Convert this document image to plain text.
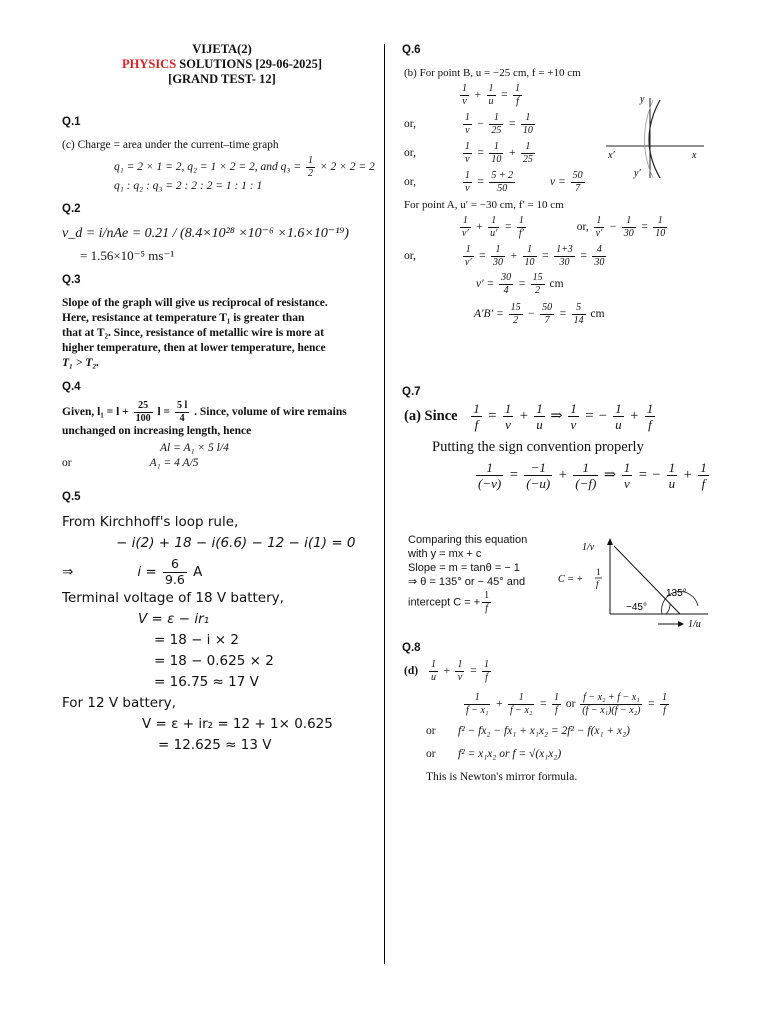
VIJETA(2)
PHYSICS SOLUTIONS [29-06-2025]
[GRAND TEST- 12]
Q.1
(c) Charge = area under the current–time graph
q₁ = 2 × 1 = 2, q₂ = 1 × 2 = 2, and $q_3 = \frac{1}{2} \times 2 \times 2 = 2$
q₁ : q₂ : q₃ = 2 : 2 : 2 = 1 : 1 : 1
Q.2
v_d = i/nAe = 0.21 / (8.4×10²⁸ ×10⁻⁶ ×1.6×10⁻¹⁹)
= 1.56×10⁻⁵ ms⁻¹
Q.3
Slope of the graph will give us reciprocal of resistance.
Here, resistance at temperature T₁ is greater than
that at T₂. Since, resistance of metallic wire is more at
higher temperature, then at lower temperature, hence
T₁ > T₂.
Q.4
Given, $l_1 = l + \frac{25}{100}$ $l = \frac{5 l}{4}$ . Since, volume of wire remains
unchanged on increasing length, hence
Al = A₁ × 5 l/4
or	A₁ = 4 A/5
Q.5
From Kirchhoff's loop rule,
− i(2) + 18 − i(6.6) − 12 − i(1) = 0
⇒	$i = \frac{6}{9.6}$ A
Terminal voltage of 18 V battery,
V = ε − ir₁
= 18 − i × 2
= 18 − 0.625 × 2
= 16.75 ≈ 17 V
For 12 V battery,
V = ε + ir₂ = 12 + 1× 0.625
= 12.625 ≈ 13 V
Q.6
(b) For point B, u = −25 cm, f = +10 cm
$\frac{1}{v} + \frac{1}{u} = \frac{1}{f}$
or,	$\frac{1}{v} - \frac{1}{25} = \frac{1}{10}$
or,	$\frac{1}{v} = \frac{1}{10} + \frac{1}{25}$
or,	$\frac{1}{v} = \frac{5 + 2}{50}$	$v = \frac{50}{7}$
For point A, u′ = −30 cm, f′ = 10 cm
$\frac{1}{v'} + \frac{1}{u'} = \frac{1}{f'}$	or, $\frac{1}{v'} - \frac{1}{30} = \frac{1}{10}$
or,	$\frac{1}{v'} = \frac{1}{30} + \frac{1}{10} = \frac{1+3}{30} = \frac{4}{30}$
$v' = \frac{30}{4} = \frac{15}{2}$ cm
$A'B' = \frac{15}{2} - \frac{50}{7} = \frac{5}{14}$ cm
y
y′
x′	x
Q.7
(a) Since $\frac{1}{f} = \frac{1}{v} + \frac{1}{u}$ ⇒ $\frac{1}{v}$ = − $\frac{1}{u} + \frac{1}{f}$
Putting the sign convention properly
$\frac{1}{(-v)} = \frac{-1}{(-u)} + \frac{1}{(-f)}$ ⇒ $\frac{1}{v}$ = − $\frac{1}{u} + \frac{1}{f}$
Comparing this equation
with y = mx + c
Slope = m = tanθ = − 1
⇒ θ = 135° or − 45° and
intercept C = + $\frac{1}{f}$
1/v
135°
−45°
C = +
1
f
1/u
Q.8
$(d) \frac{1}{u} + \frac{1}{v} = \frac{1}{f}$
$\frac{1}{\text{f − x₁}} + \frac{1}{\text{f − x₂}} = \frac{1}{f}$ or $\frac{\text{f − x₂ + f − x₁}}{\text{(f − x₁)(f − x₂)}} = \frac{1}{f}$
or f² − fx₂ − fx₁ + x₁x₂ = 2f² − f(x₁ + x₂)
or f² = x₁x₂ or f = √(x₁x₂)
This is Newton's mirror formula.
